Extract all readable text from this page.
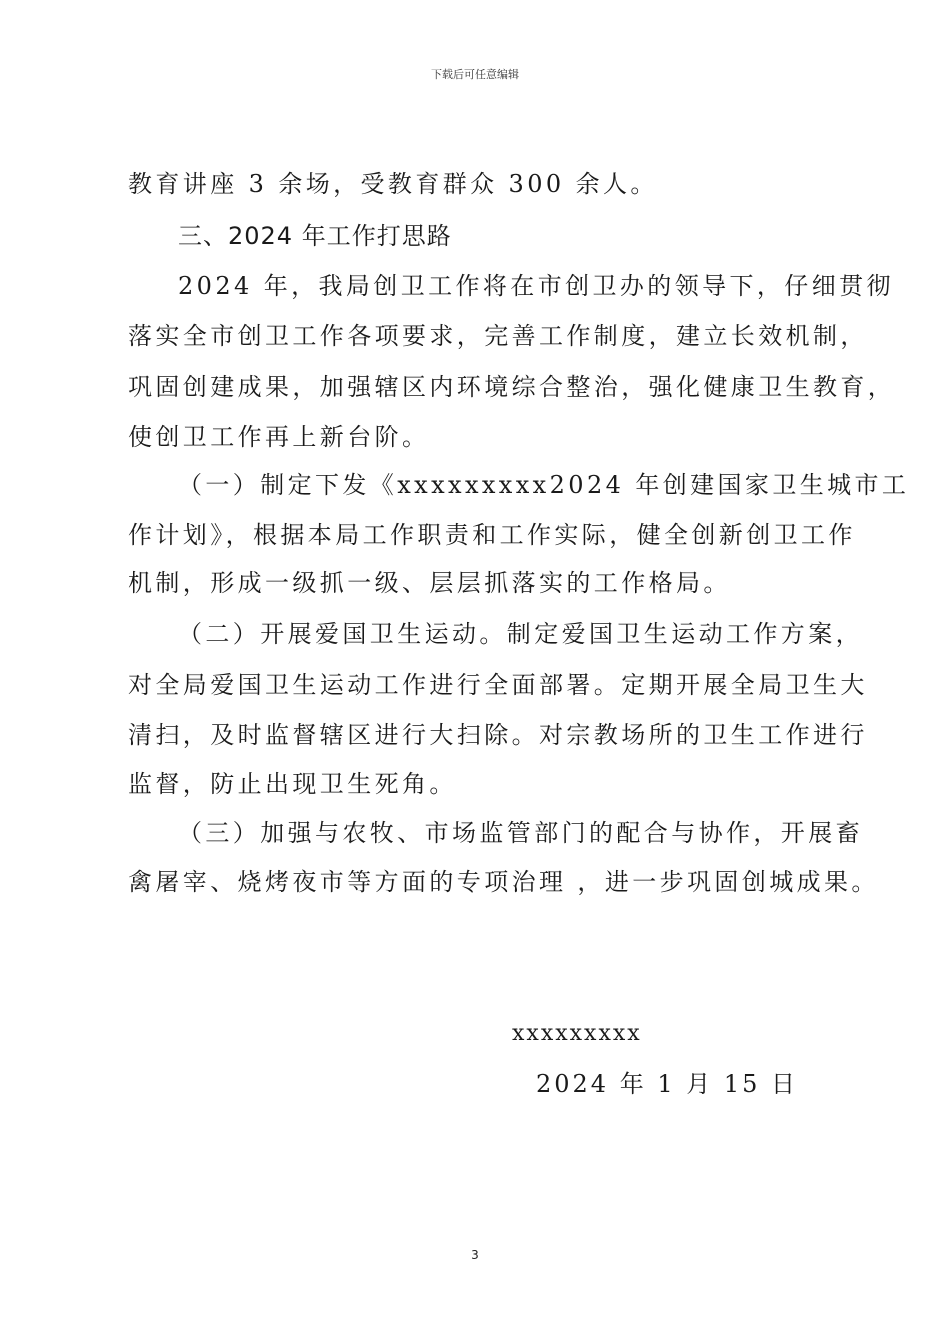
下载后可任意编辑
教育讲座 3 余场，受教育群众 300 余人。
三、2024 年工作打思路
2024 年，我局创卫工作将在市创卫办的领导下，仔细贯彻
落实全市创卫工作各项要求，完善工作制度，建立长效机制，
巩固创建成果，加强辖区内环境综合整治，强化健康卫生教育，
使创卫工作再上新台阶。
（一）制定下发《xxxxxxxxx2024 年创建国家卫生城市工
作计划》，根据本局工作职责和工作实际，健全创新创卫工作
机制，形成一级抓一级、层层抓落实的工作格局。
（二）开展爱国卫生运动。制定爱国卫生运动工作方案，
对全局爱国卫生运动工作进行全面部署。定期开展全局卫生大
清扫，及时监督辖区进行大扫除。对宗教场所的卫生工作进行
监督，防止出现卫生死角。
（三）加强与农牧、市场监管部门的配合与协作，开展畜
禽屠宰、烧烤夜市等方面的专项治理 ，进一步巩固创城成果。
xxxxxxxxx
2024 年 1 月 15 日
3
